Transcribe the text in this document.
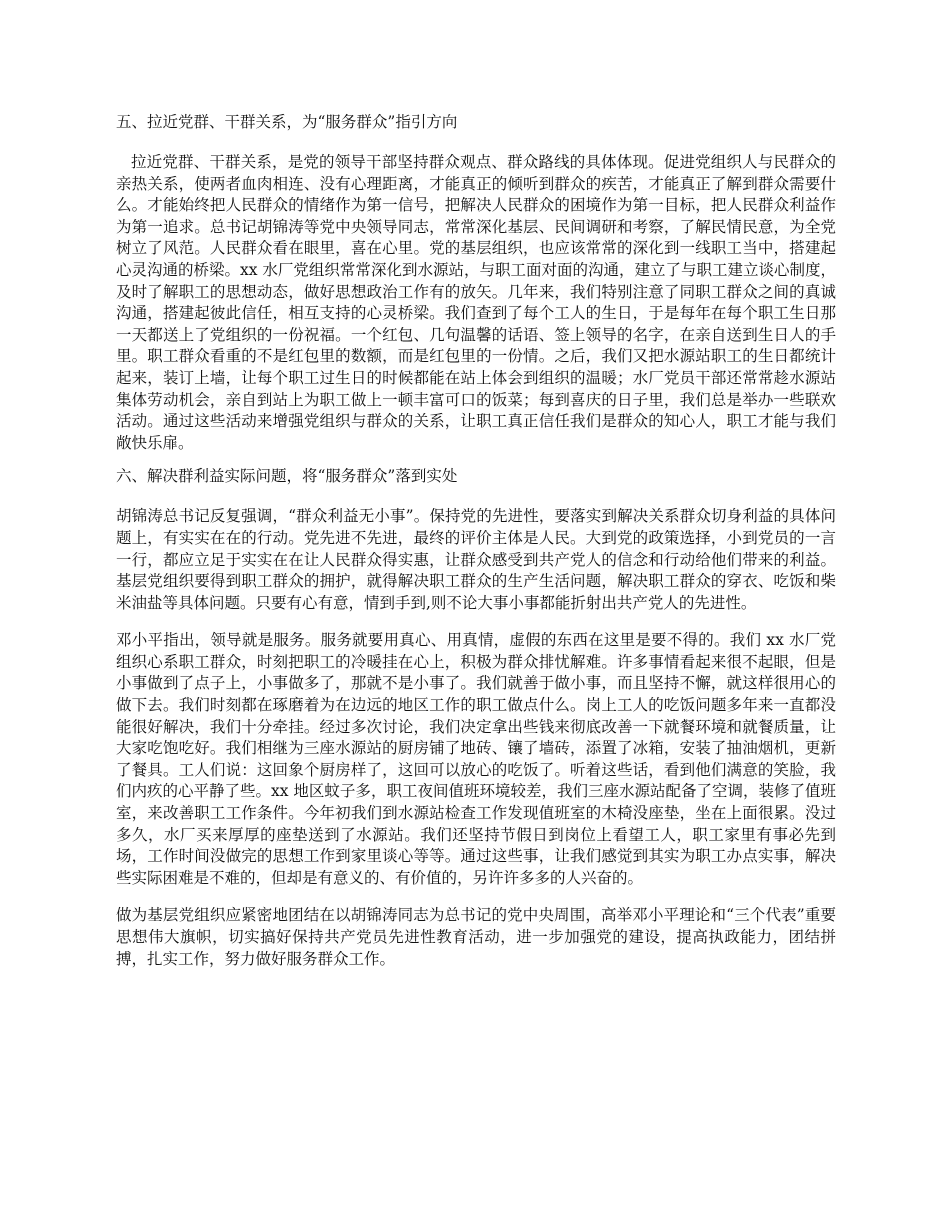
五、拉近党群、干群关系，为“服务群众”指引方向

拉近党群、干群关系，是党的领导干部坚持群众观点、群众路线的具体体现。促进党组织人与民群众的亲热关系，使两者血肉相连、没有心理距离，才能真正的倾听到群众的疾苦，才能真正了解到群众需要什么。才能始终把人民群众的情绪作为第一信号，把解决人民群众的困境作为第一目标，把人民群众利益作为第一追求。总书记胡锦涛等党中央领导同志，常常深化基层、民间调研和考察，了解民情民意，为全党树立了风范。人民群众看在眼里，喜在心里。党的基层组织，也应该常常的深化到一线职工当中，搭建起心灵沟通的桥梁。xx 水厂党组织常常深化到水源站，与职工面对面的沟通，建立了与职工建立谈心制度，及时了解职工的思想动态，做好思想政治工作有的放矢。几年来，我们特别注意了同职工群众之间的真诚沟通，搭建起彼此信任，相互支持的心灵桥梁。我们查到了每个工人的生日，于是每年在每个职工生日那一天都送上了党组织的一份祝福。一个红包、几句温馨的话语、签上领导的名字，在亲自送到生日人的手里。职工群众看重的不是红包里的数额，而是红包里的一份情。之后，我们又把水源站职工的生日都统计起来，装订上墙，让每个职工过生日的时候都能在站上体会到组织的温暖；水厂党员干部还常常趁水源站集体劳动机会，亲自到站上为职工做上一顿丰富可口的饭菜；每到喜庆的日子里，我们总是举办一些联欢活动。通过这些活动来增强党组织与群众的关系，让职工真正信任我们是群众的知心人，职工才能与我们敞快乐扉。

六、解决群利益实际问题，将“服务群众”落到实处

胡锦涛总书记反复强调，“群众利益无小事”。保持党的先进性，要落实到解决关系群众切身利益的具体问题上，有实实在在的行动。党先进不先进，最终的评价主体是人民。大到党的政策选择，小到党员的一言一行，都应立足于实实在在让人民群众得实惠，让群众感受到共产党人的信念和行动给他们带来的利益。基层党组织要得到职工群众的拥护，就得解决职工群众的生产生活问题，解决职工群众的穿衣、吃饭和柴米油盐等具体问题。只要有心有意，情到手到,则不论大事小事都能折射出共产党人的先进性。

邓小平指出，领导就是服务。服务就要用真心、用真情，虚假的东西在这里是要不得的。我们 xx 水厂党组织心系职工群众，时刻把职工的冷暖挂在心上，积极为群众排忧解难。许多事情看起来很不起眼，但是小事做到了点子上，小事做多了，那就不是小事了。我们就善于做小事，而且坚持不懈，就这样很用心的做下去。我们时刻都在琢磨着为在边远的地区工作的职工做点什么。岗上工人的吃饭问题多年来一直都没能很好解决，我们十分牵挂。经过多次讨论，我们决定拿出些钱来彻底改善一下就餐环境和就餐质量，让大家吃饱吃好。我们相继为三座水源站的厨房铺了地砖、镶了墙砖，添置了冰箱，安装了抽油烟机，更新了餐具。工人们说：这回象个厨房样了，这回可以放心的吃饭了。听着这些话，看到他们满意的笑脸，我们内疚的心平静了些。xx 地区蚊子多，职工夜间值班环境较差，我们三座水源站配备了空调，装修了值班室，来改善职工工作条件。今年初我们到水源站检查工作发现值班室的木椅没座垫，坐在上面很累。没过多久，水厂买来厚厚的座垫送到了水源站。我们还坚持节假日到岗位上看望工人，职工家里有事必先到场，工作时间没做完的思想工作到家里谈心等等。通过这些事，让我们感觉到其实为职工办点实事，解决些实际困难是不难的，但却是有意义的、有价值的，另许许多多的人兴奋的。

做为基层党组织应紧密地团结在以胡锦涛同志为总书记的党中央周围，高举邓小平理论和“三个代表”重要思想伟大旗帜，切实搞好保持共产党员先进性教育活动，进一步加强党的建设，提高执政能力，团结拼搏，扎实工作，努力做好服务群众工作。
